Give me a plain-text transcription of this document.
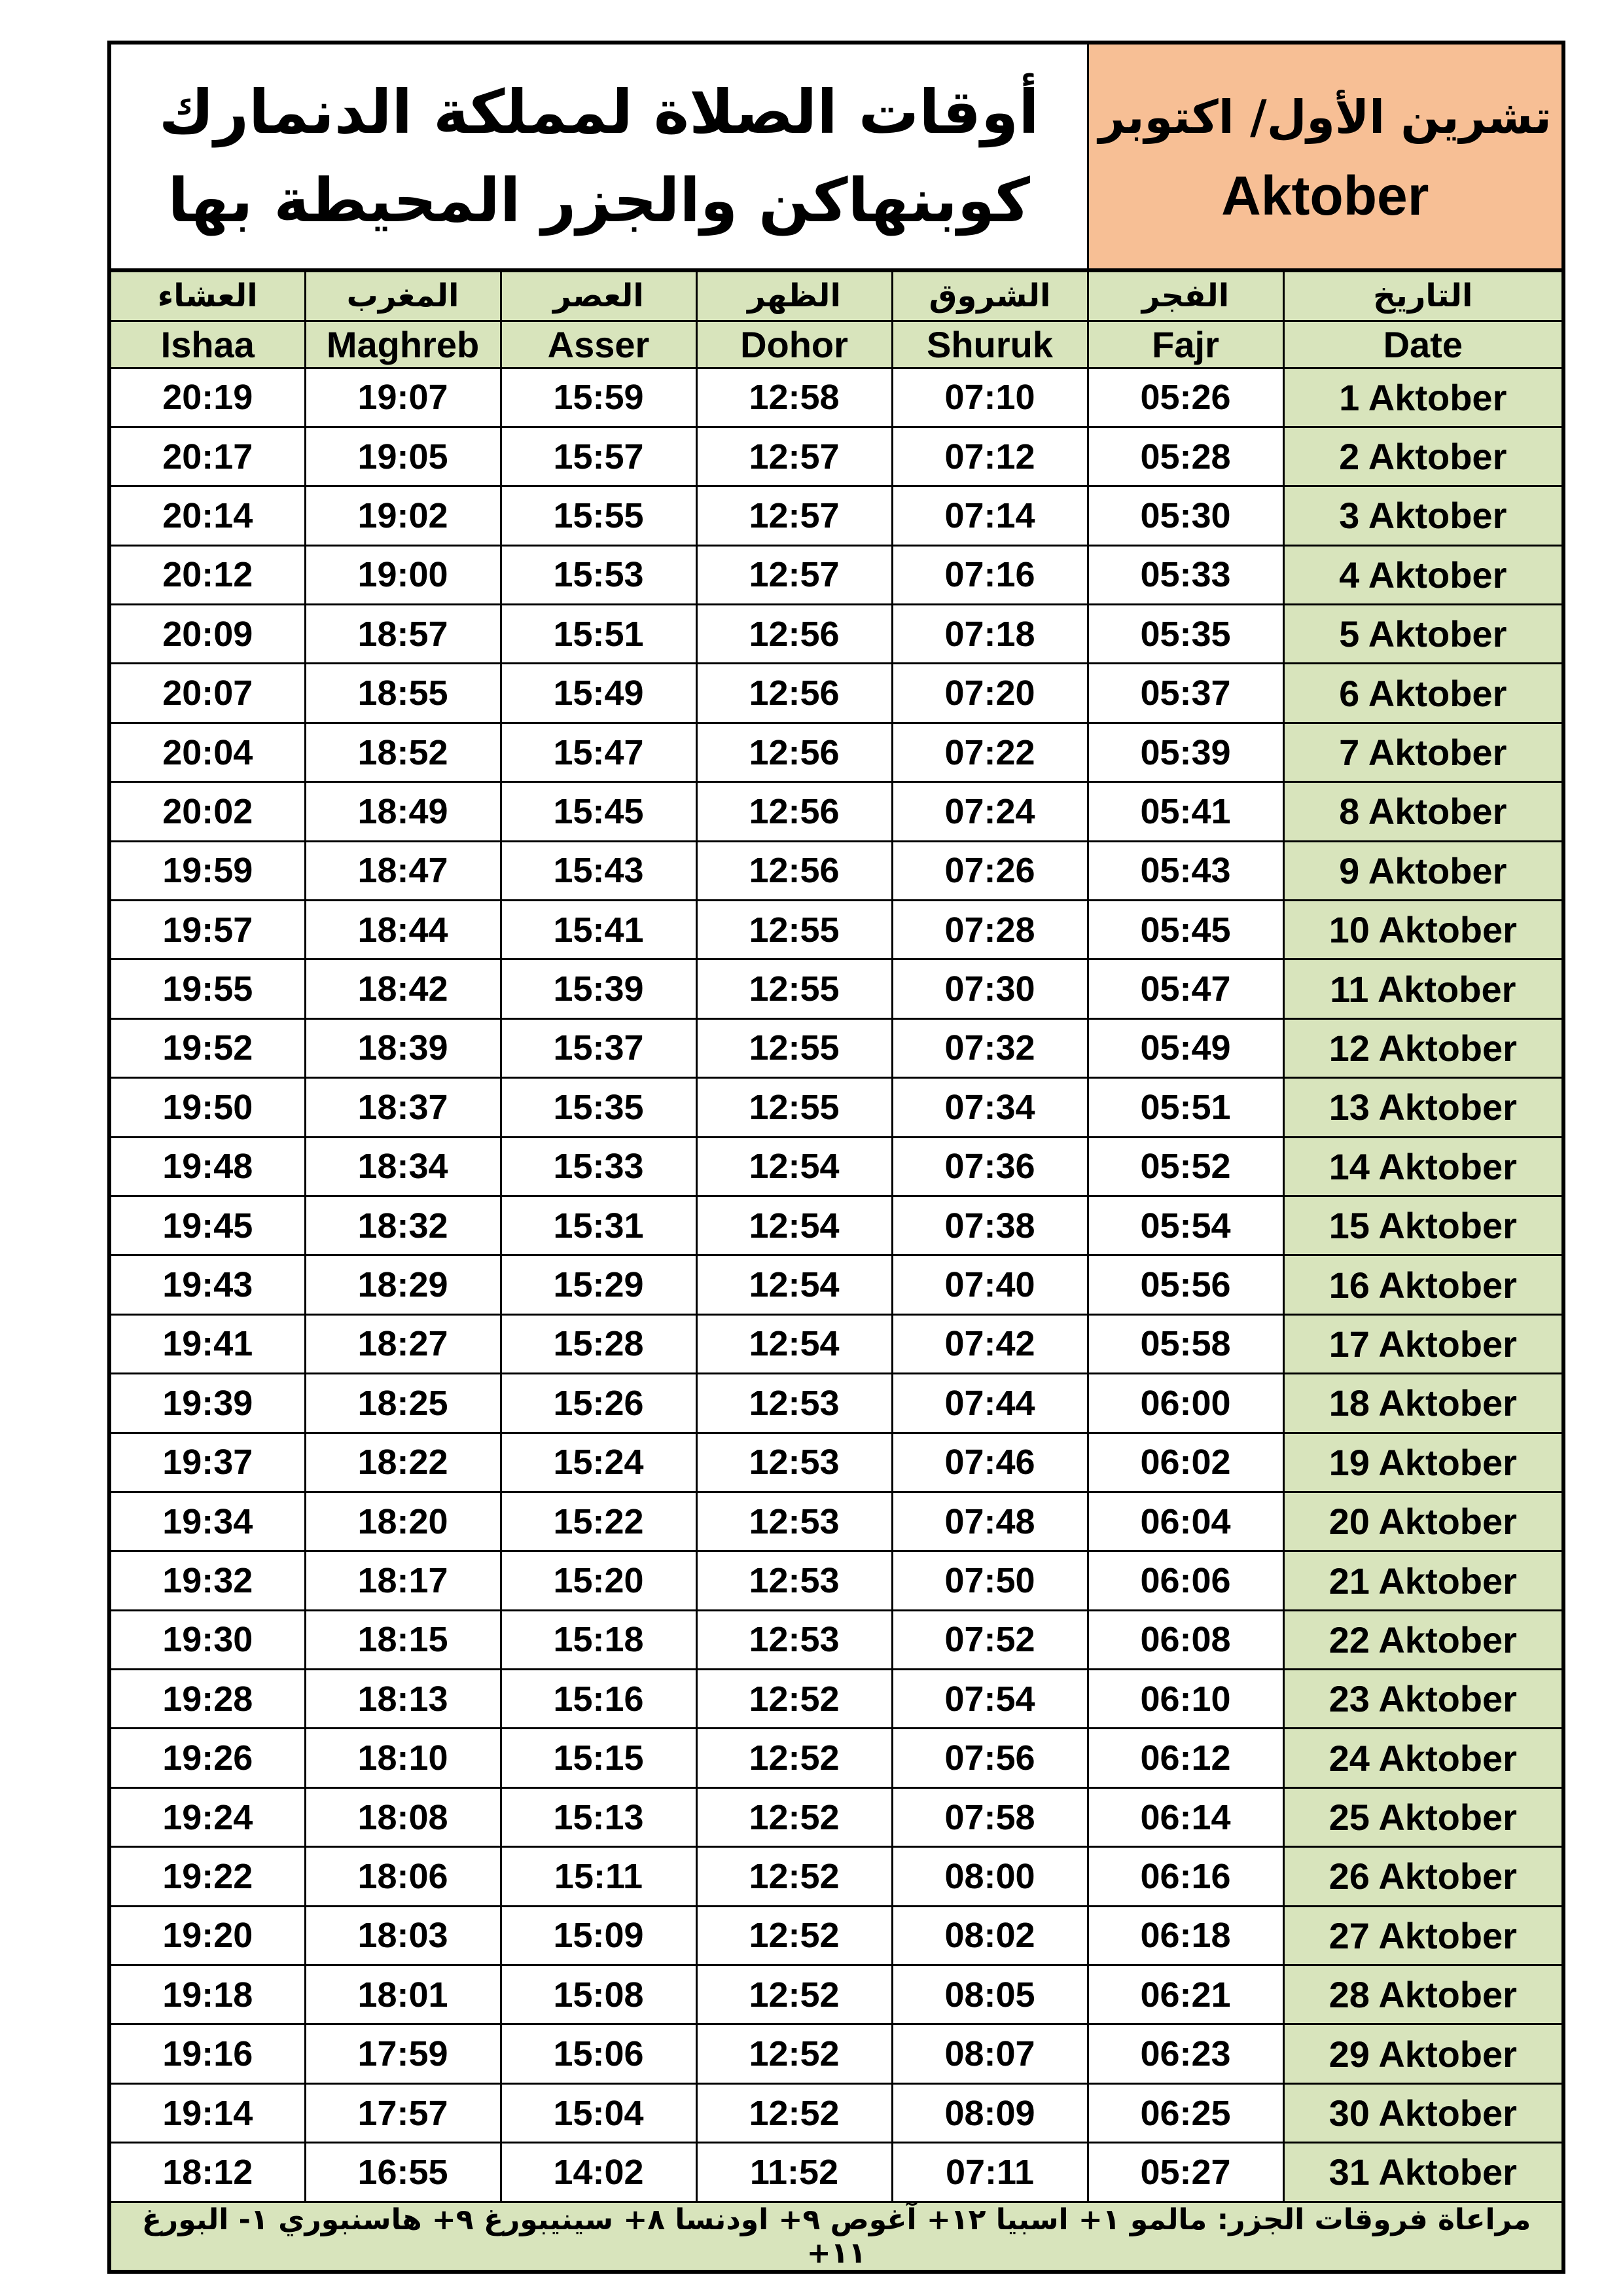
أوقات الصلاة لمملكة الدنمارك
كوبنهاكن والجزر المحيطة بها					تشرين الأول/ اكتوبر
Aktober	

العشاء	المغرب	العصر	الظهر	الشروق	الفجر	التاريخ
Ishaa	Maghreb	Asser	Dohor	Shuruk	Fajr	Date
20:19	19:07	15:59	12:58	07:10	05:26	1 Aktober
20:17	19:05	15:57	12:57	07:12	05:28	2 Aktober
20:14	19:02	15:55	12:57	07:14	05:30	3 Aktober
20:12	19:00	15:53	12:57	07:16	05:33	4 Aktober
20:09	18:57	15:51	12:56	07:18	05:35	5 Aktober
20:07	18:55	15:49	12:56	07:20	05:37	6 Aktober
20:04	18:52	15:47	12:56	07:22	05:39	7 Aktober
20:02	18:49	15:45	12:56	07:24	05:41	8 Aktober
19:59	18:47	15:43	12:56	07:26	05:43	9 Aktober
19:57	18:44	15:41	12:55	07:28	05:45	10 Aktober
19:55	18:42	15:39	12:55	07:30	05:47	11 Aktober
19:52	18:39	15:37	12:55	07:32	05:49	12 Aktober
19:50	18:37	15:35	12:55	07:34	05:51	13 Aktober
19:48	18:34	15:33	12:54	07:36	05:52	14 Aktober
19:45	18:32	15:31	12:54	07:38	05:54	15 Aktober
19:43	18:29	15:29	12:54	07:40	05:56	16 Aktober
19:41	18:27	15:28	12:54	07:42	05:58	17 Aktober
19:39	18:25	15:26	12:53	07:44	06:00	18 Aktober
19:37	18:22	15:24	12:53	07:46	06:02	19 Aktober
19:34	18:20	15:22	12:53	07:48	06:04	20 Aktober
19:32	18:17	15:20	12:53	07:50	06:06	21 Aktober
19:30	18:15	15:18	12:53	07:52	06:08	22 Aktober
19:28	18:13	15:16	12:52	07:54	06:10	23 Aktober
19:26	18:10	15:15	12:52	07:56	06:12	24 Aktober
19:24	18:08	15:13	12:52	07:58	06:14	25 Aktober
19:22	18:06	15:11	12:52	08:00	06:16	26 Aktober
19:20	18:03	15:09	12:52	08:02	06:18	27 Aktober
19:18	18:01	15:08	12:52	08:05	06:21	28 Aktober
19:16	17:59	15:06	12:52	08:07	06:23	29 Aktober
19:14	17:57	15:04	12:52	08:09	06:25	30 Aktober
18:12	16:55	14:02	11:52	07:11	05:27	31 Aktober
مراعاة فروقات الجزر: مالمو ١+ اسبيا ١٢+ آغوص ٩+ اودنسا ٨+ سينيبورغ ٩+ هاسنبوري ١- البورغ ١١+						
